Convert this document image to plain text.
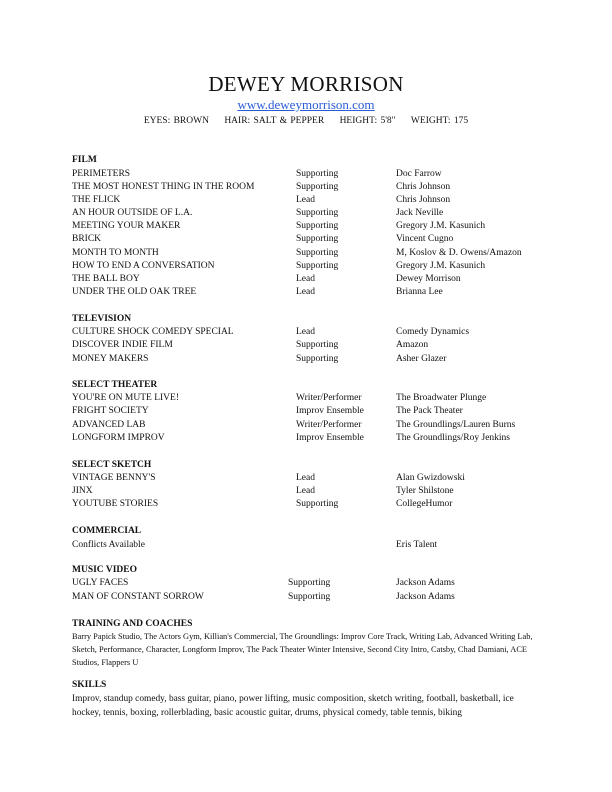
DEWEY MORRISON
www.deweymorrison.com
EYES: BROWN HAIR: SALT & PEPPER HEIGHT: 5'8" WEIGHT: 175
FILM
PERIMETERS	Supporting	Doc Farrow
THE MOST HONEST THING IN THE ROOM	Supporting	Chris Johnson
THE FLICK	Lead	Chris Johnson
AN HOUR OUTSIDE OF L.A.	Supporting	Jack Neville
MEETING YOUR MAKER	Supporting	Gregory J.M. Kasunich
BRICK	Supporting	Vincent Cugno
MONTH TO MONTH	Supporting	M, Koslov & D. Owens/Amazon
HOW TO END A CONVERSATION	Supporting	Gregory J.M. Kasunich
THE BALL BOY	Lead	Dewey Morrison
UNDER THE OLD OAK TREE	Lead	Brianna Lee
TELEVISION
CULTURE SHOCK COMEDY SPECIAL	Lead	Comedy Dynamics
DISCOVER INDIE FILM	Supporting	Amazon
MONEY MAKERS	Supporting	Asher Glazer
SELECT THEATER
YOU'RE ON MUTE LIVE!	Writer/Performer	The Broadwater Plunge
FRIGHT SOCIETY	Improv Ensemble	The Pack Theater
ADVANCED LAB	Writer/Performer	The Groundlings/Lauren Burns
LONGFORM IMPROV	Improv Ensemble	The Groundlings/Roy Jenkins
SELECT SKETCH
VINTAGE BENNY'S	Lead	Alan Gwizdowski
JINX	Lead	Tyler Shilstone
YOUTUBE STORIES	Supporting	CollegeHumor
COMMERCIAL
Conflicts Available	Eris Talent
MUSIC VIDEO
UGLY FACES	Supporting	Jackson Adams
MAN OF CONSTANT SORROW	Supporting	Jackson Adams
TRAINING AND COACHES
Barry Papick Studio, The Actors Gym, Killian's Commercial, The Groundlings: Improv Core Track, Writing Lab, Advanced Writing Lab, Sketch, Performance, Character, Longform Improv, The Pack Theater Winter Intensive, Second City Intro, Catsby, Chad Damiani, ACE Studios, Flappers U
SKILLS
Improv, standup comedy, bass guitar, piano, power lifting, music composition, sketch writing, football, basketball, ice hockey, tennis, boxing, rollerblading, basic acoustic guitar, drums, physical comedy, table tennis, biking
